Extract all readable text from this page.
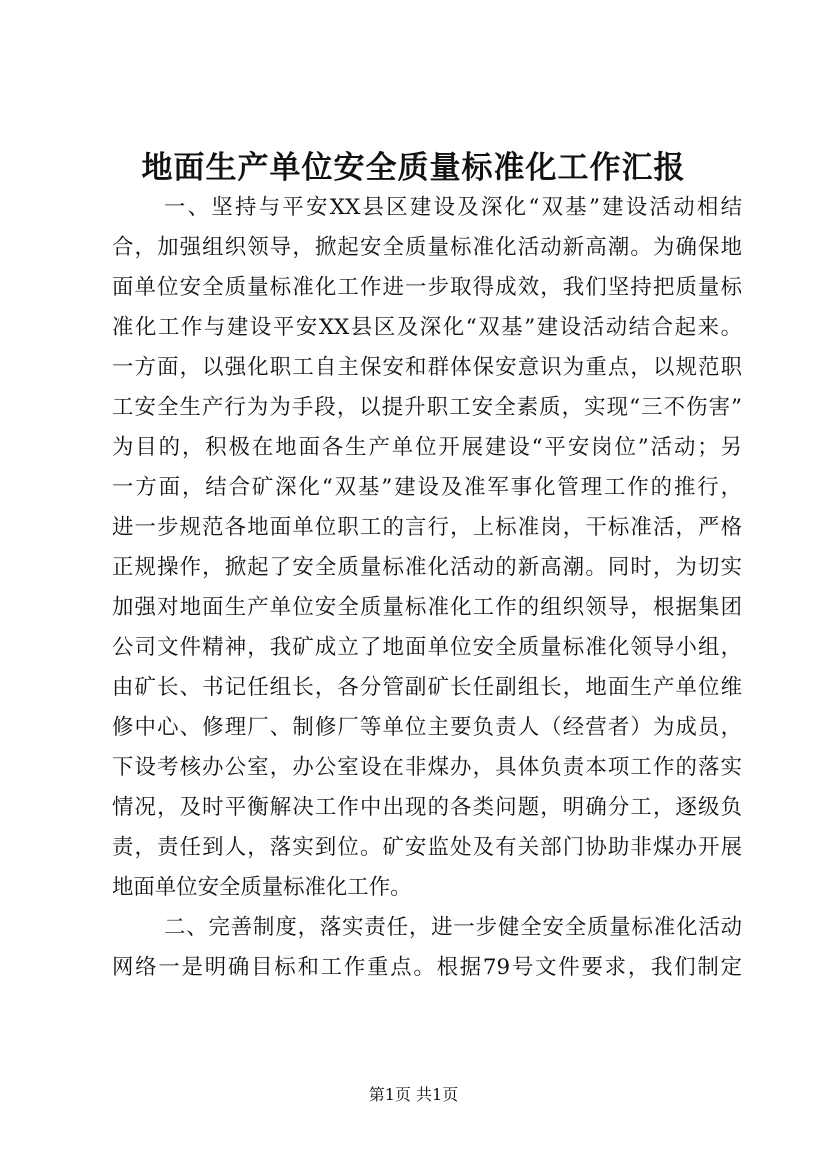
地面生产单位安全质量标准化工作汇报
一、坚持与平安XX县区建设及深化“双基”建设活动相结
合，加强组织领导，掀起安全质量标准化活动新高潮。为确保地
面单位安全质量标准化工作进一步取得成效，我们坚持把质量标
准化工作与建设平安XX县区及深化“双基”建设活动结合起来。
一方面，以强化职工自主保安和群体保安意识为重点，以规范职
工安全生产行为为手段，以提升职工安全素质，实现“三不伤害”
为目的，积极在地面各生产单位开展建设“平安岗位”活动；另
一方面，结合矿深化“双基”建设及准军事化管理工作的推行，
进一步规范各地面单位职工的言行，上标准岗，干标准活，严格
正规操作，掀起了安全质量标准化活动的新高潮。同时，为切实
加强对地面生产单位安全质量标准化工作的组织领导，根据集团
公司文件精神，我矿成立了地面单位安全质量标准化领导小组，
由矿长、书记任组长，各分管副矿长任副组长，地面生产单位维
修中心、修理厂、制修厂等单位主要负责人（经营者）为成员，
下设考核办公室，办公室设在非煤办，具体负责本项工作的落实
情况，及时平衡解决工作中出现的各类问题，明确分工，逐级负
责，责任到人，落实到位。矿安监处及有关部门协助非煤办开展
地面单位安全质量标准化工作。
二、完善制度，落实责任，进一步健全安全质量标准化活动
网络一是明确目标和工作重点。根据79号文件要求，我们制定
第1页 共1页
